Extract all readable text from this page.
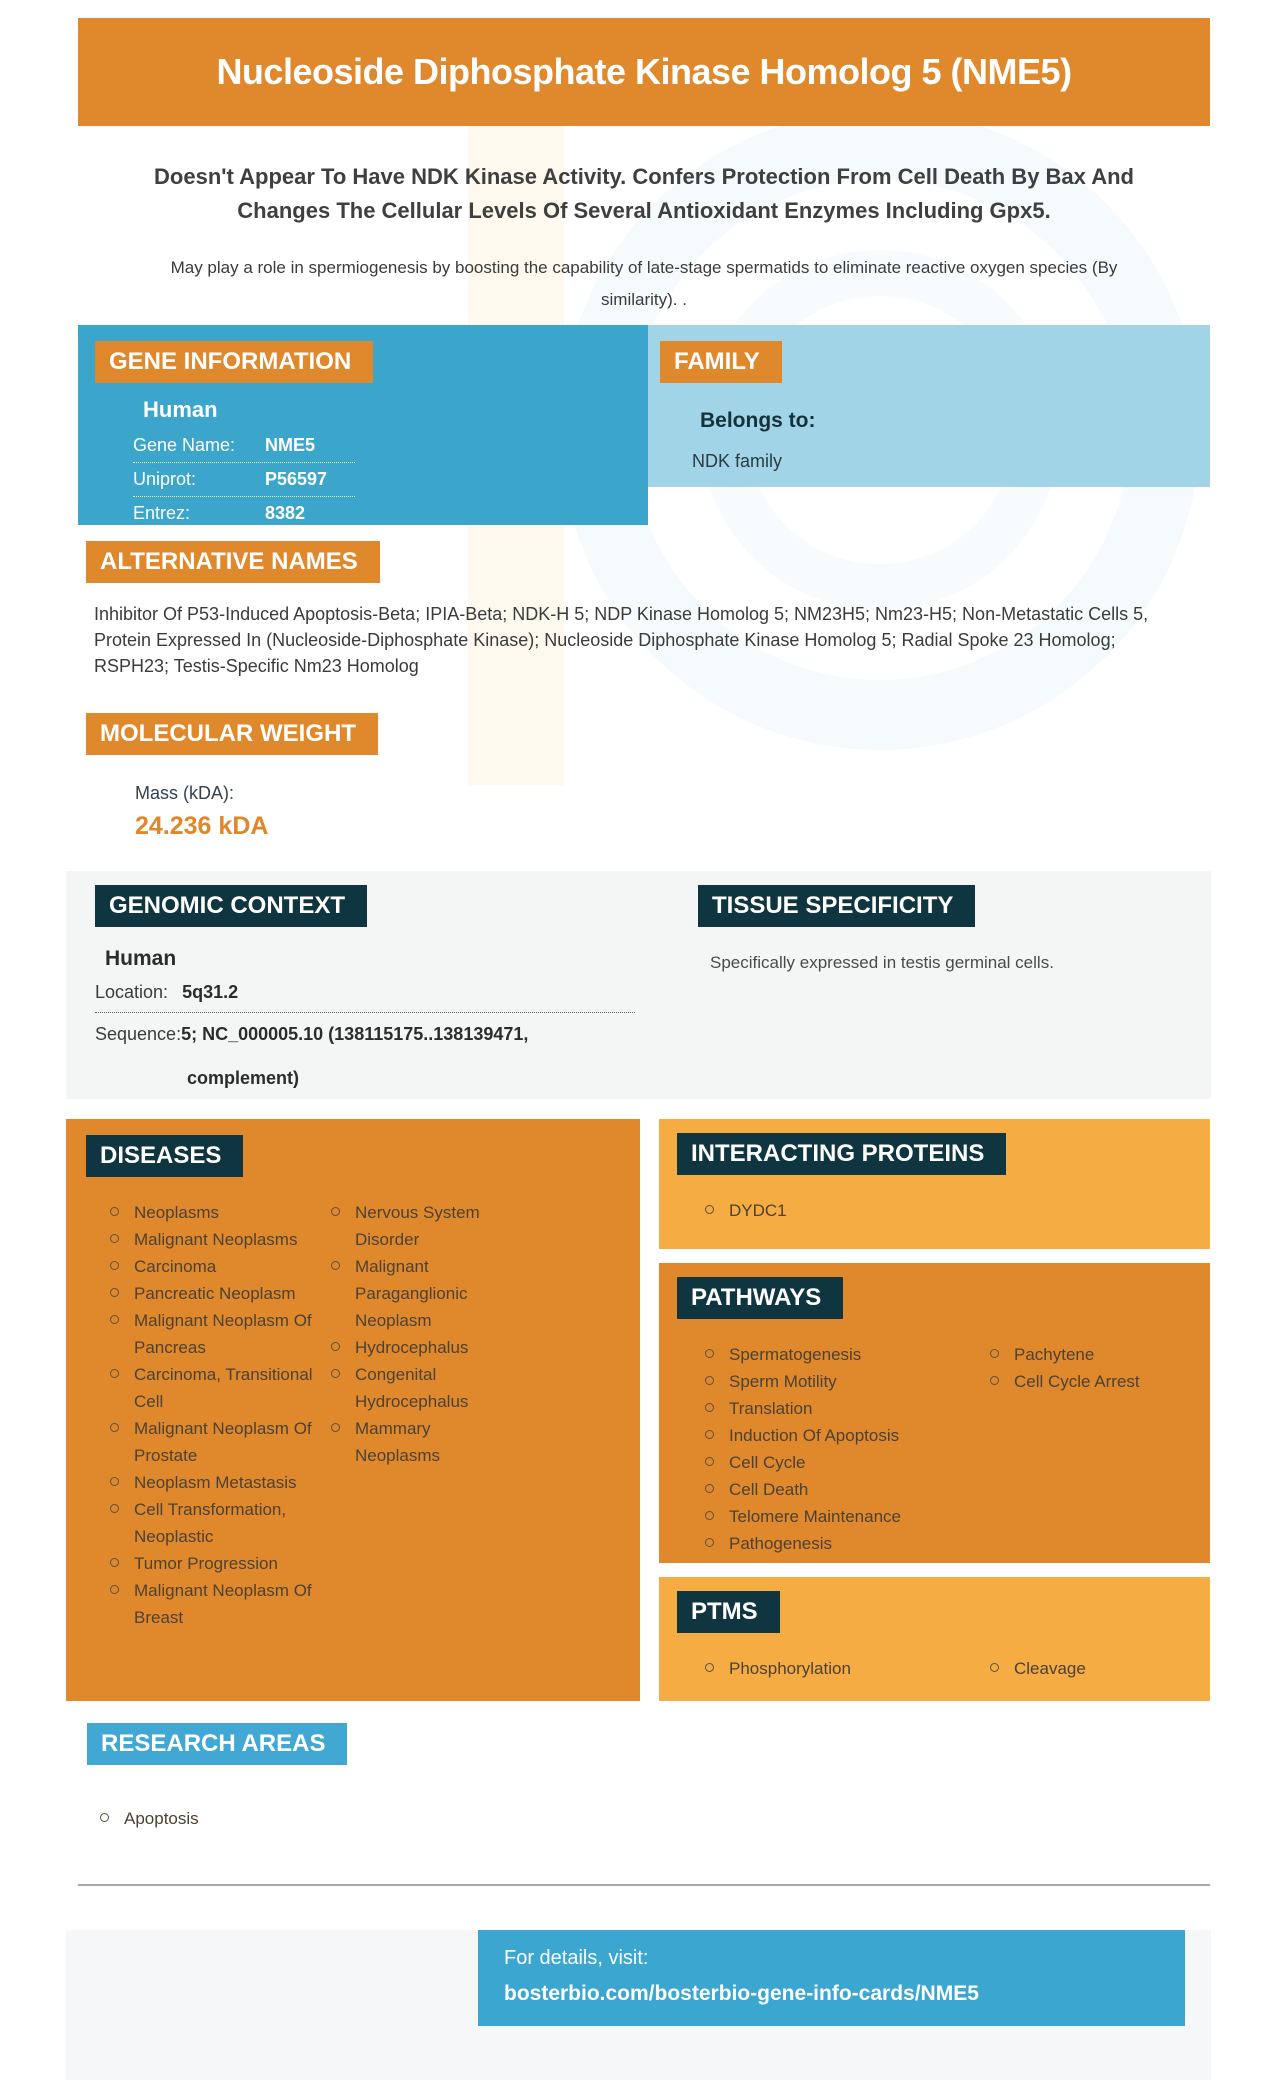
Nucleoside Diphosphate Kinase Homolog 5 (NME5)
Doesn't Appear To Have NDK Kinase Activity. Confers Protection From Cell Death By Bax And Changes The Cellular Levels Of Several Antioxidant Enzymes Including Gpx5.
May play a role in spermiogenesis by boosting the capability of late-stage spermatids to eliminate reactive oxygen species (By similarity). .
GENE INFORMATION
Human
Gene Name:	NME5
Uniprot:	P56597
Entrez:	8382
FAMILY
Belongs to:
NDK family
ALTERNATIVE NAMES
Inhibitor Of P53-Induced Apoptosis-Beta; IPIA-Beta; NDK-H 5; NDP Kinase Homolog 5; NM23H5; Nm23-H5; Non-Metastatic Cells 5, Protein Expressed In (Nucleoside-Diphosphate Kinase); Nucleoside Diphosphate Kinase Homolog 5; Radial Spoke 23 Homolog; RSPH23; Testis-Specific Nm23 Homolog
MOLECULAR WEIGHT
Mass (kDA):
24.236 kDA
GENOMIC CONTEXT
Human
Location: 5q31.2
Sequence: 5; NC_000005.10 (138115175..138139471,
complement)
TISSUE SPECIFICITY
Specifically expressed in testis germinal cells.
DISEASES
Neoplasms
Malignant Neoplasms
Carcinoma
Pancreatic Neoplasm
Malignant Neoplasm Of Pancreas
Carcinoma, Transitional Cell
Malignant Neoplasm Of Prostate
Neoplasm Metastasis
Cell Transformation, Neoplastic
Tumor Progression
Malignant Neoplasm Of Breast
Nervous System Disorder
Malignant Paraganglionic Neoplasm
Hydrocephalus
Congenital Hydrocephalus
Mammary Neoplasms
INTERACTING PROTEINS
DYDC1
PATHWAYS
Spermatogenesis
Sperm Motility
Translation
Induction Of Apoptosis
Cell Cycle
Cell Death
Telomere Maintenance
Pathogenesis
Pachytene
Cell Cycle Arrest
PTMS
Phosphorylation	Cleavage
RESEARCH AREAS
Apoptosis
For details, visit:
bosterbio.com/bosterbio-gene-info-cards/NME5
